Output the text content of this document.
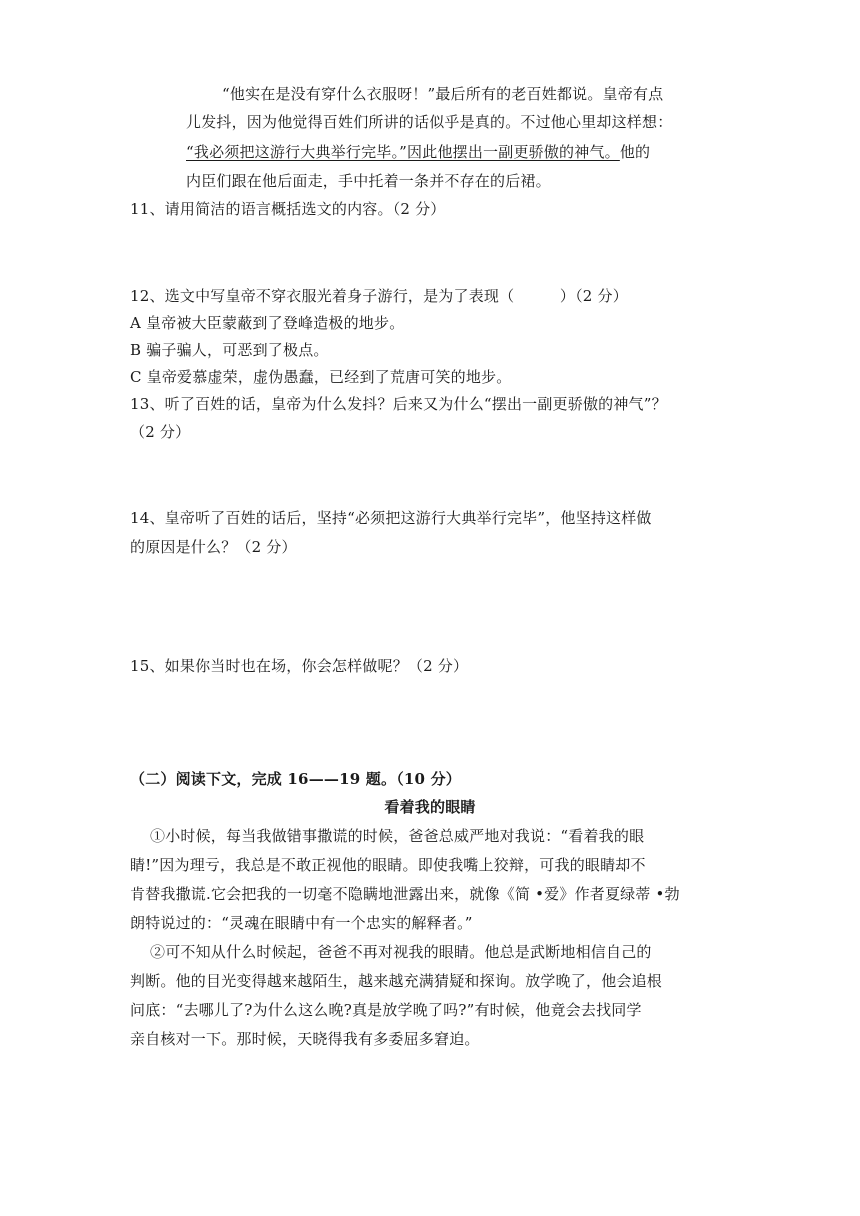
“他实在是没有穿什么衣服呀！”最后所有的老百姓都说。皇帝有点
儿发抖，因为他觉得百姓们所讲的话似乎是真的。不过他心里却这样想：
“我必须把这游行大典举行完毕。”因此他摆出一副更骄傲的神气。他的
内臣们跟在他后面走，手中托着一条并不存在的后裙。
11、请用简洁的语言概括选文的内容。（2 分）
12、选文中写皇帝不穿衣服光着身子游行，是为了表现（　　　）（2 分）
A 皇帝被大臣蒙蔽到了登峰造极的地步。
B 骗子骗人，可恶到了极点。
C 皇帝爱慕虚荣，虚伪愚蠢，已经到了荒唐可笑的地步。
13、听了百姓的话，皇帝为什么发抖？后来又为什么“摆出一副更骄傲的神气”？
（2 分）
14、皇帝听了百姓的话后，坚持“必须把这游行大典举行完毕”，他坚持这样做
的原因是什么？（2 分）
15、如果你当时也在场，你会怎样做呢？（2 分）
（二）阅读下文，完成 16——19 题。（10 分）
看着我的眼睛
①小时候，每当我做错事撒谎的时候，爸爸总威严地对我说：“看着我的眼
睛!”因为理亏，我总是不敢正视他的眼睛。即使我嘴上狡辩，可我的眼睛却不
肯替我撒谎.它会把我的一切毫不隐瞒地泄露出来，就像《简 •爱》作者夏绿蒂 •勃
朗特说过的：“灵魂在眼睛中有一个忠实的解释者。”
②可不知从什么时候起，爸爸不再对视我的眼睛。他总是武断地相信自己的
判断。他的目光变得越来越陌生，越来越充满猜疑和探询。放学晚了，他会追根
问底：“去哪儿了?为什么这么晚?真是放学晚了吗?”有时候，他竟会去找同学
亲自核对一下。那时候，天晓得我有多委屈多窘迫。
